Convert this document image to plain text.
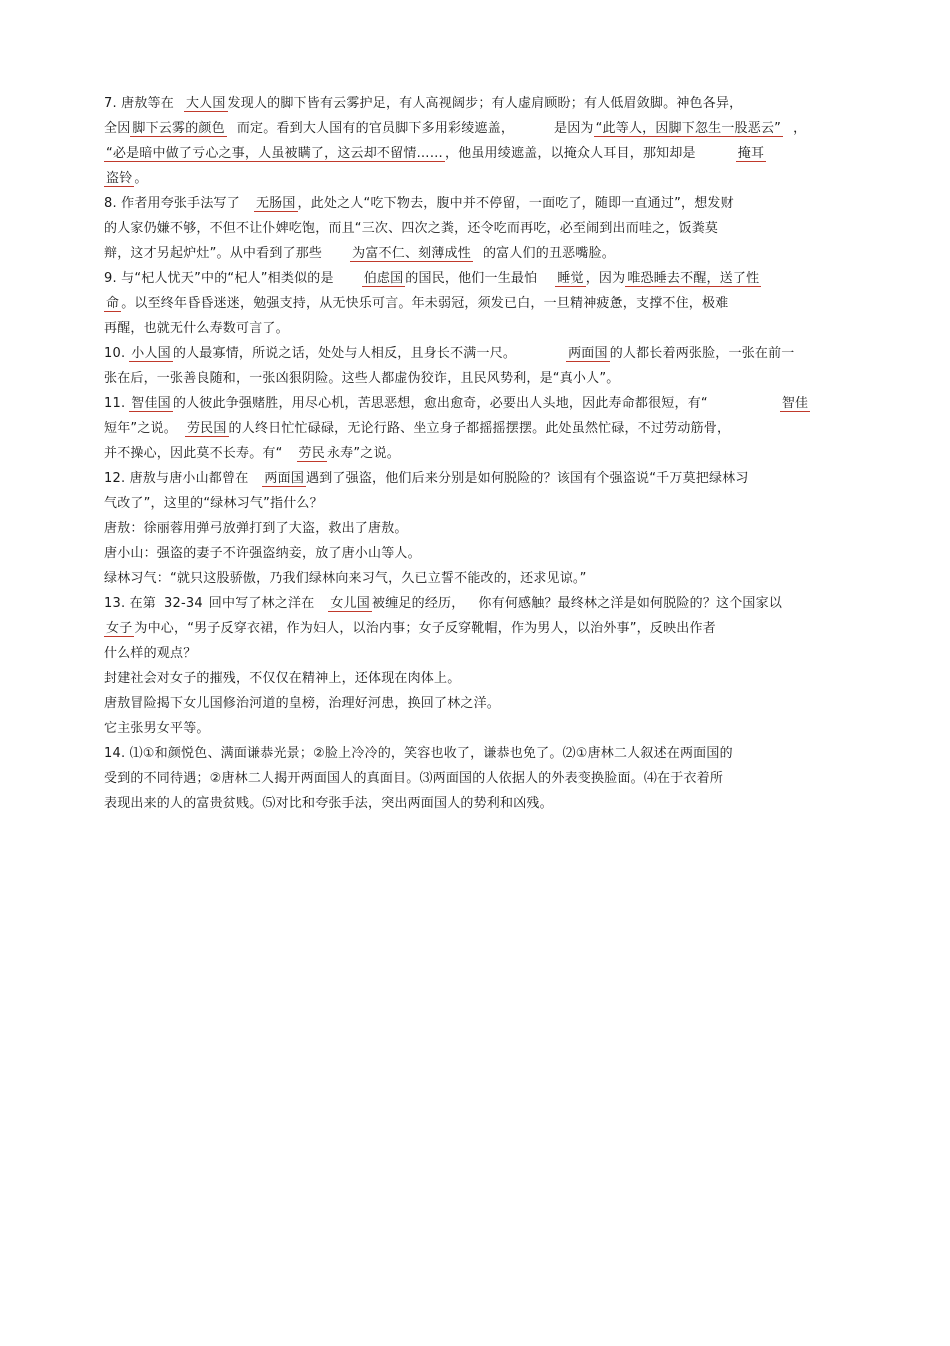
7. 唐敖等在 大人国 发现人的脚下皆有云雾护足，有人高视阔步；有人虚肩顾盼；有人低眉敛脚。神色各异，
全因 脚下云雾的颜色 而定。看到大人国有的官员脚下多用彩绫遮盖，	是因为 “此等人，因脚下忽生一股恶云” ，
“必是暗中做了亏心之事，人虽被瞒了，这云却不留情…… ，他虽用绫遮盖，以掩众人耳目，那知却是	掩耳
盗铃 。
8. 作者用夸张手法写了 无肠国 ，此处之人“吃下物去，腹中并不停留，一面吃了，随即一直通过”，想发财
的人家仍嫌不够，不但不让仆婢吃饱，而且“三次、四次之粪，还令吃而再吃，必至闹到出而哇之，饭粪莫
辩，这才另起炉灶”。从中看到了那些 为富不仁、刻薄成性 的富人们的丑恶嘴脸。
9. 与“杞人忧天”中的“杞人”相类似的是 伯虑国 的国民，他们一生最怕 睡觉 ，因为 唯恐睡去不醒，送了性
命 。以至终年昏昏迷迷，勉强支持，从无快乐可言。年未弱冠，须发已白，一旦精神疲惫，支撑不住，极难
再醒，也就无什么寿数可言了。
10. 小人国 的人最寡情，所说之话，处处与人相反，且身长不满一尺。	两面国 的人都长着两张脸，一张在前一
张在后，一张善良随和，一张凶狠阴险。这些人都虚伪狡诈，且民风势利，是“真小人”。
11. 智佳国 的人彼此争强赌胜，用尽心机，苦思恶想，愈出愈奇，必要出人头地，因此寿命都很短，有“	智佳
短年”之说。 劳民国 的人终日忙忙碌碌，无论行路、坐立身子都摇摇摆摆。此处虽然忙碌，不过劳动筋骨，
并不操心，因此莫不长寿。有“ 劳民 永寿”之说。
12. 唐敖与唐小山都曾在 两面国 遇到了强盗，他们后来分别是如何脱险的？该国有个强盗说“千万莫把绿林习
气改了”，这里的“绿林习气”指什么？
唐敖：徐丽蓉用弹弓放弹打到了大盗，救出了唐敖。
唐小山：强盗的妻子不许强盗纳妾，放了唐小山等人。
绿林习气：“就只这股骄傲，乃我们绿林向来习气，久已立誓不能改的，还求见谅。”
13. 在第 32-34 回中写了林之洋在 女儿国 被缠足的经历， 你有何感触？最终林之洋是如何脱险的？这个国家以
女子 为中心，“男子反穿衣裙，作为妇人，以治内事；女子反穿靴帽，作为男人，以治外事”，反映出作者
什么样的观点？
封建社会对女子的摧残，不仅仅在精神上，还体现在肉体上。
唐敖冒险揭下女儿国修治河道的皇榜，治理好河患，换回了林之洋。
它主张男女平等。
14. ⑴①和颜悦色、满面谦恭光景；②脸上冷冷的，笑容也收了，谦恭也免了。⑵①唐林二人叙述在两面国的
受到的不同待遇；②唐林二人揭开两面国人的真面目。⑶两面国的人依据人的外表变换脸面。⑷在于衣着所
表现出来的人的富贵贫贱。⑸对比和夸张手法，突出两面国人的势利和凶残。
